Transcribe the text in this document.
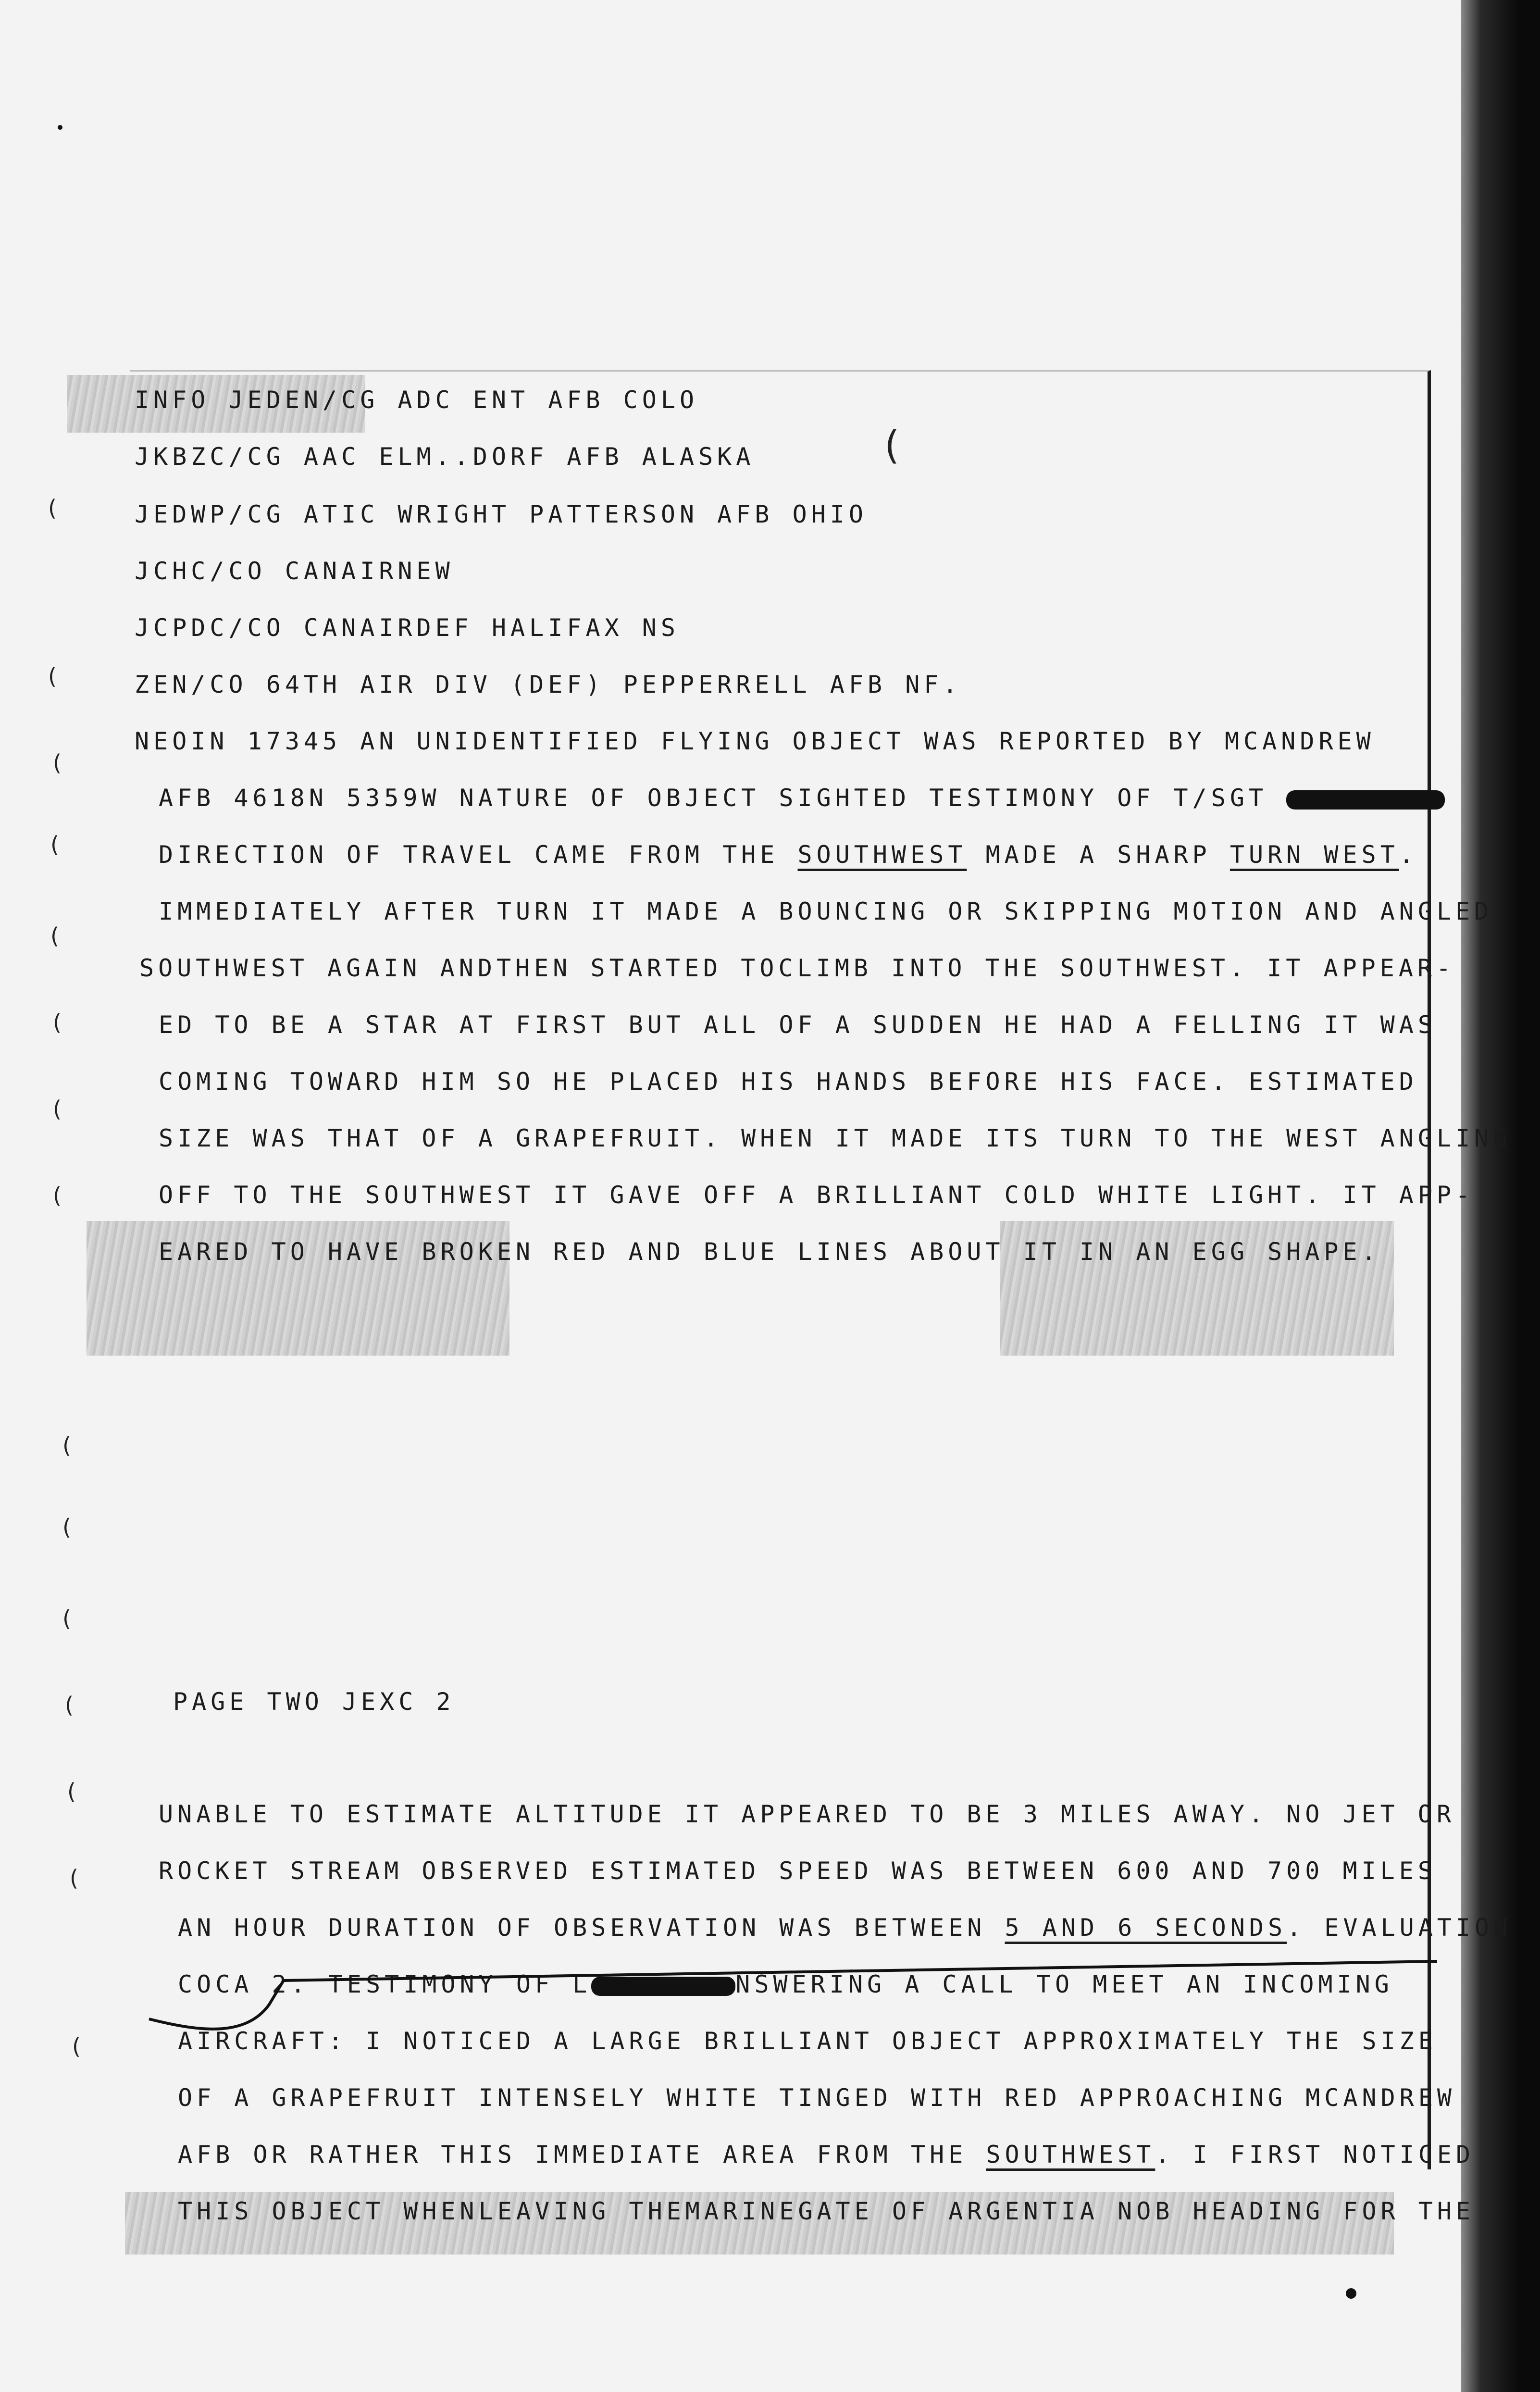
INFO JEDEN/CG ADC ENT AFB COLO
JKBZC/CG AAC ELM..DORF AFB ALASKA
JEDWP/CG ATIC WRIGHT PATTERSON AFB OHIO
JCHC/CO CANAIRNEW
JCPDC/CO CANAIRDEF HALIFAX NS
ZEN/CO 64TH AIR DIV (DEF) PEPPERRELL AFB NF.
NEOIN 17345 AN UNIDENTIFIED FLYING OBJECT WAS REPORTED BY MCANDREW
AFB 4618N 5359W NATURE OF OBJECT SIGHTED TESTIMONY OF T/SGT
DIRECTION OF TRAVEL CAME FROM THE SOUTHWEST MADE A SHARP TURN WEST.
IMMEDIATELY AFTER TURN IT MADE A BOUNCING OR SKIPPING MOTION AND ANGLED
SOUTHWEST AGAIN ANDTHEN STARTED TOCLIMB INTO THE SOUTHWEST. IT APPEAR-
ED TO BE A STAR AT FIRST BUT ALL OF A SUDDEN HE HAD A FELLING IT WAS
COMING TOWARD HIM SO HE PLACED HIS HANDS BEFORE HIS FACE. ESTIMATED
SIZE WAS THAT OF A GRAPEFRUIT. WHEN IT MADE ITS TURN TO THE WEST ANGLING
OFF TO THE SOUTHWEST IT GAVE OFF A BRILLIANT COLD WHITE LIGHT. IT APP-
EARED TO HAVE BROKEN RED AND BLUE LINES ABOUT IT IN AN EGG SHAPE.
PAGE TWO JEXC 2
UNABLE TO ESTIMATE ALTITUDE IT APPEARED TO BE 3 MILES AWAY. NO JET OR
ROCKET STREAM OBSERVED ESTIMATED SPEED WAS BETWEEN 600 AND 700 MILES
AN HOUR DURATION OF OBSERVATION WAS BETWEEN 5 AND 6 SECONDS. EVALUATION
COCA 2. TESTIMONY OF L	NSWERING A CALL TO MEET AN INCOMING
AIRCRAFT: I NOTICED A LARGE BRILLIANT OBJECT APPROXIMATELY THE SIZE
OF A GRAPEFRUIT INTENSELY WHITE TINGED WITH RED APPROACHING MCANDREW
AFB OR RATHER THIS IMMEDIATE AREA FROM THE SOUTHWEST. I FIRST NOTICED
THIS OBJECT WHENLEAVING THEMARINEGATE OF ARGENTIA NOB HEADING FOR THE
(
(
(
(
(
(
(
(
(
(
(
(
(
(
(
(
